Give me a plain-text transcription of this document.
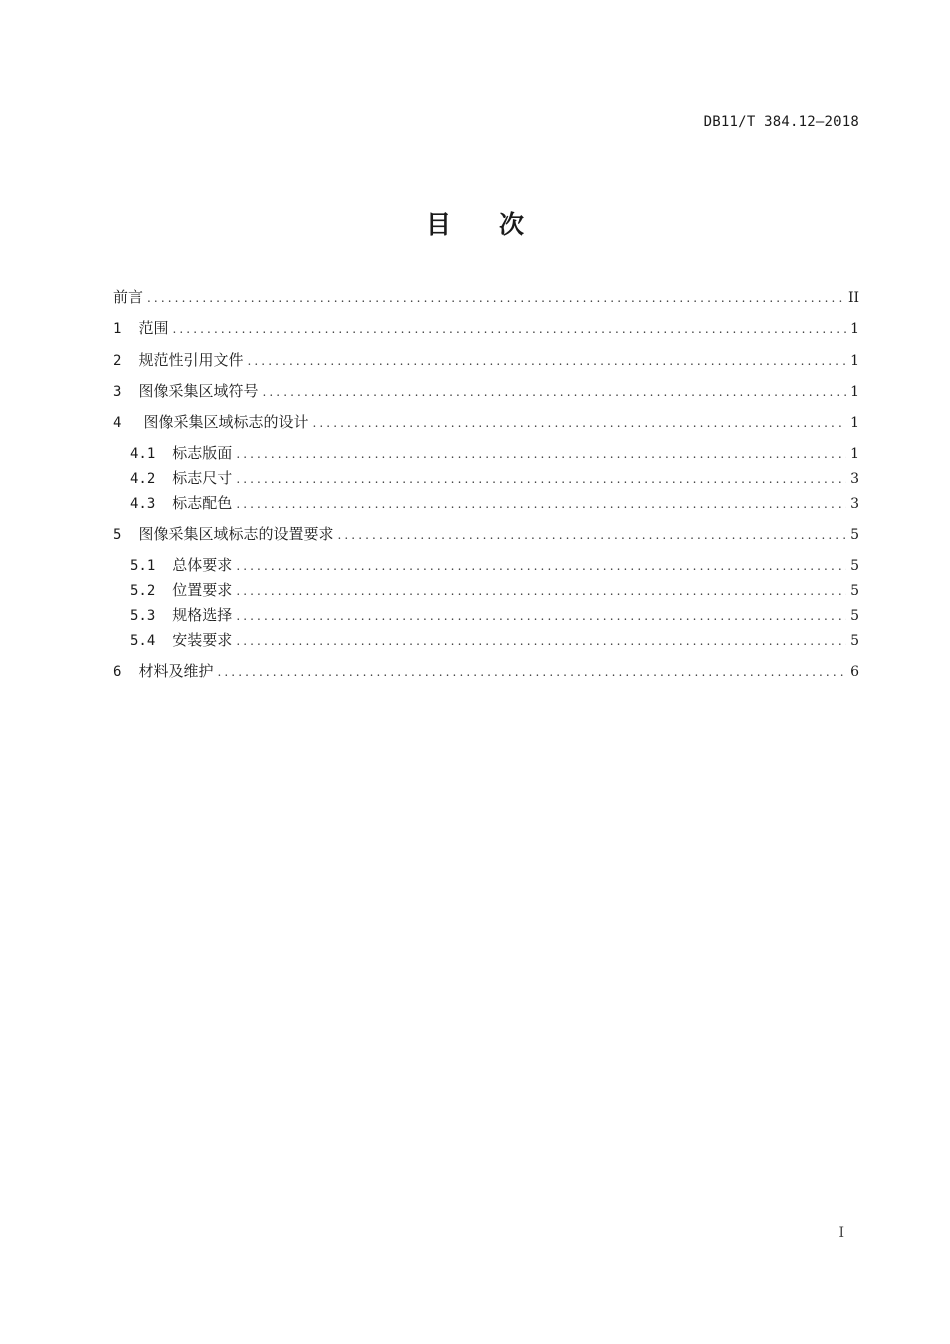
DB11/T 384.12—2018
目 次
前言 .....	II
1 范围 .....	1
2 规范性引用文件 .....	1
3 图像采集区域符号 .....	1
4 图像采集区域标志的设计 .....	1
4.1 标志版面 .....	1
4.2 标志尺寸 .....	3
4.3 标志配色 .....	3
5 图像采集区域标志的设置要求 .....	5
5.1 总体要求 .....	5
5.2 位置要求 .....	5
5.3 规格选择 .....	5
5.4 安装要求 .....	5
6 材料及维护 .....	6
I
